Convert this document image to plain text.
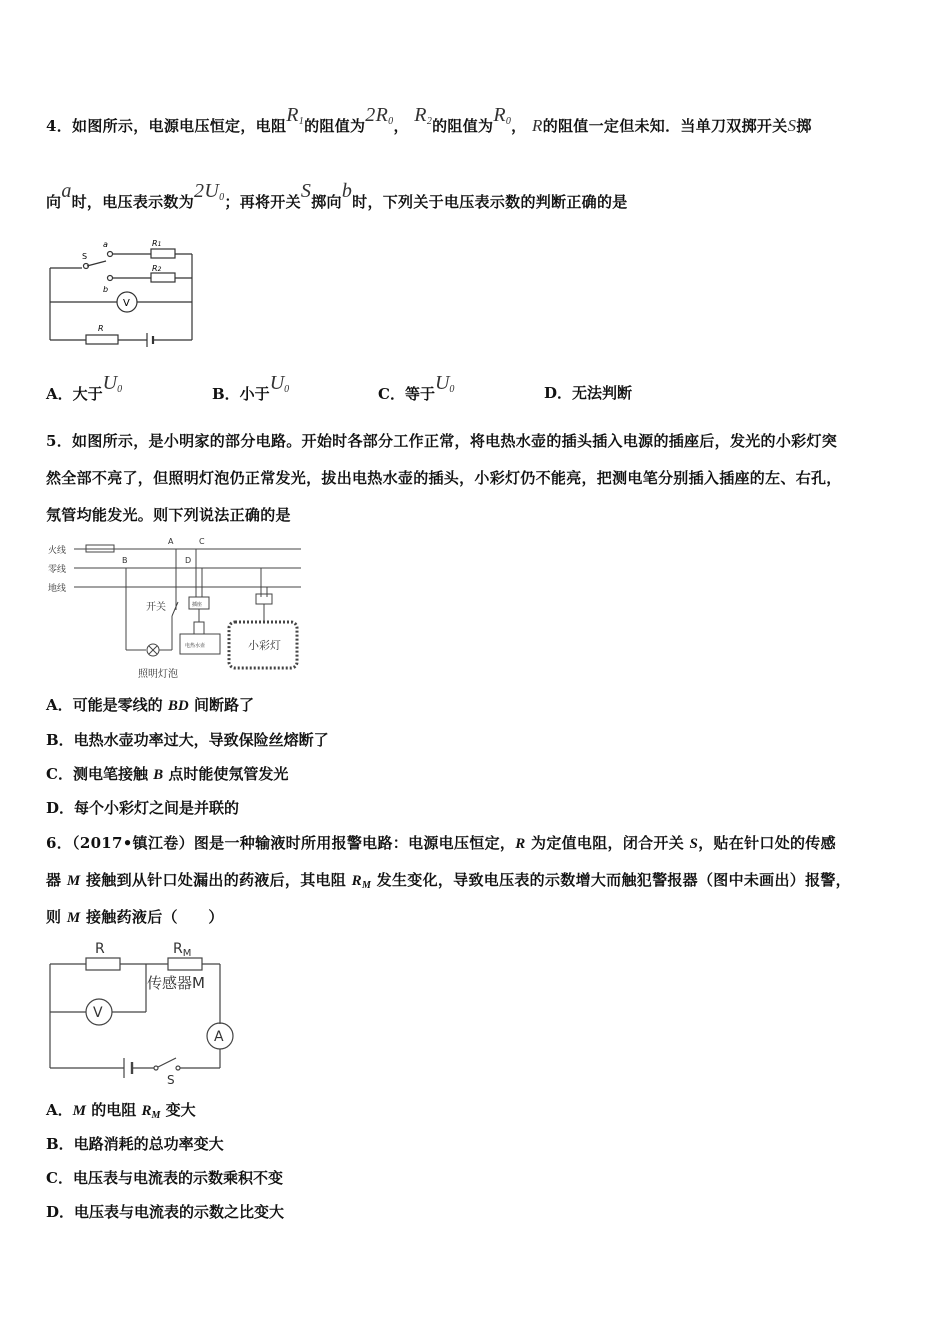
4．如图所示，电源电压恒定，电阻$R_1$的阻值为$2R_0$， $R_2$的阻值为$R_0$， R的阻值一定但未知．当单刀双掷开关S掷
向a时，电压表示数为$2U_0$；再将开关S掷向b时，下列关于电压表示数的判断正确的是
S
a
b
R1
R2
V
R
A．大于$U_0$	B．小于$U_0$	C．等于$U_0$	D．无法判断
5．如图所示，是小明家的部分电路。开始时各部分工作正常，将电热水壶的插头插入电源的插座后，发光的小彩灯突
然全部不亮了，但照明灯泡仍正常发光，拔出电热水壶的插头，小彩灯仍不能亮，把测电笔分别插入插座的左、右孔，
氖管均能发光。则下列说法正确的是
火线
零线
地线
A	C
B	D
开关	插座
电热水壶
照明灯泡
小彩灯
A．可能是零线的 BD 间断路了
B．电热水壶功率过大，导致保险丝熔断了
C．测电笔接触 B 点时能使氖管发光
D．每个小彩灯之间是并联的
6．（2017•镇江卷）图是一种输液时所用报警电路：电源电压恒定，R 为定值电阻，闭合开关 S，贴在针口处的传感
器 M 接触到从针口处漏出的药液后，其电阻 $R_M$ 发生变化，导致电压表的示数增大而触犯警报器（图中未画出）报警，
则 M 接触药液后（　　）
R	$R_M$
传感器M
V
A
S
A．M 的电阻 $R_M$ 变大
B．电路消耗的总功率变大
C．电压表与电流表的示数乘积不变
D．电压表与电流表的示数之比变大
